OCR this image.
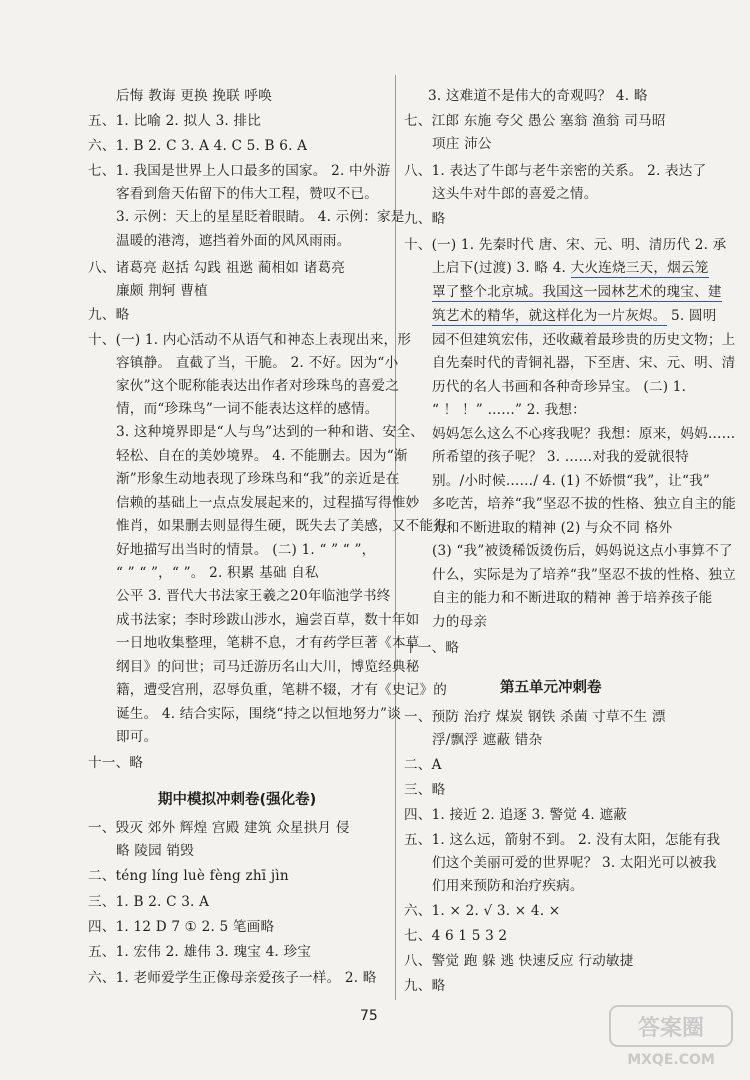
后悔 教诲 更换 挽联 呼唤
五、1. 比喻 2. 拟人 3. 排比
六、1. B 2. C 3. A 4. C 5. B 6. A
七、1. 我国是世界上人口最多的国家。 2. 中外游
客看到詹天佑留下的伟大工程，赞叹不已。
3. 示例：天上的星星眨着眼睛。 4. 示例：家是
温暖的港湾，遮挡着外面的风风雨雨。
八、诸葛亮 赵括 勾践 祖逖 蔺相如 诸葛亮
廉颇 荆轲 曹植
九、略
十、(一) 1. 内心活动不从语气和神态上表现出来，形
容镇静。 直截了当，干脆。 2. 不好。因为“小
家伙”这个昵称能表达出作者对珍珠鸟的喜爱之
情，而“珍珠鸟”一词不能表达这样的感情。
3. 这种境界即是“人与鸟”达到的一种和谐、安全、
轻松、自在的美妙境界。 4. 不能删去。因为“渐
渐”形象生动地表现了珍珠鸟和“我”的亲近是在
信赖的基础上一点点发展起来的，过程描写得惟妙
惟肖，如果删去则显得生硬，既失去了美感，又不能很
好地描写出当时的情景。 (二) 1. “ ” “ ”，
“ ” “ ”，“ ”。 2. 积累 基础 自私
公平 3. 晋代大书法家王羲之20年临池学书终
成书法家；李时珍跋山涉水，遍尝百草，数十年如
一日地收集整理，笔耕不息，才有药学巨著《本草
纲目》的问世；司马迁游历名山大川，博览经典秘
籍，遭受宫刑，忍辱负重，笔耕不辍，才有《史记》的
诞生。 4. 结合实际，围绕“持之以恒地努力”谈
即可。
十一、略
期中模拟冲刺卷(强化卷)
一、毁灭 郊外 辉煌 宫殿 建筑 众星拱月 侵
略 陵园 销毁
二、téng líng luè fèng zhī jìn
三、1. B 2. C 3. A
四、1. 12 D 7 ① 2. 5 笔画略
五、1. 宏伟 2. 雄伟 3. 瑰宝 4. 珍宝
六、1. 老师爱学生正像母亲爱孩子一样。 2. 略
3. 这难道不是伟大的奇观吗？ 4. 略
七、江郎 东施 夸父 愚公 塞翁 渔翁 司马昭
项庄 沛公
八、1. 表达了牛郎与老牛亲密的关系。 2. 表达了
这头牛对牛郎的喜爱之情。
九、略
十、(一) 1. 先秦时代 唐、宋、元、明、清历代 2. 承
上启下(过渡) 3. 略 4. 大火连烧三天，烟云笼
罩了整个北京城。我国这一园林艺术的瑰宝、建
筑艺术的精华，就这样化为一片灰烬。 5. 圆明
园不但建筑宏伟，还收藏着最珍贵的历史文物；上
自先秦时代的青铜礼器，下至唐、宋、元、明、清
历代的名人书画和各种奇珍异宝。 (二) 1.
“ ！ ！” ……” 2. 我想：
妈妈怎么这么不心疼我呢？我想：原来，妈妈……
所希望的孩子呢？ 3. ……对我的爱就很特
别。/小时候……/ 4. (1) 不娇惯“我”，让“我”
多吃苦，培养“我”坚忍不拔的性格、独立自主的能
力和不断进取的精神 (2) 与众不同 格外
(3) “我”被烫稀饭烫伤后，妈妈说这点小事算不了
什么，实际是为了培养“我”坚忍不拔的性格、独立
自主的能力和不断进取的精神 善于培养孩子能
力的母亲
十一、略
第五单元冲刺卷
一、预防 治疗 煤炭 钢铁 杀菌 寸草不生 漂
浮/飘浮 遮蔽 错杂
二、A
三、略
四、1. 接近 2. 追逐 3. 警觉 4. 遮蔽
五、1. 这么远，箭射不到。 2. 没有太阳，怎能有我
们这个美丽可爱的世界呢？ 3. 太阳光可以被我
们用来预防和治疗疾病。
六、1. × 2. √ 3. × 4. ×
七、4 6 1 5 3 2
八、警觉 跑 躲 逃 快速反应 行动敏捷
九、略
75	答案圈
MXQE.COM
